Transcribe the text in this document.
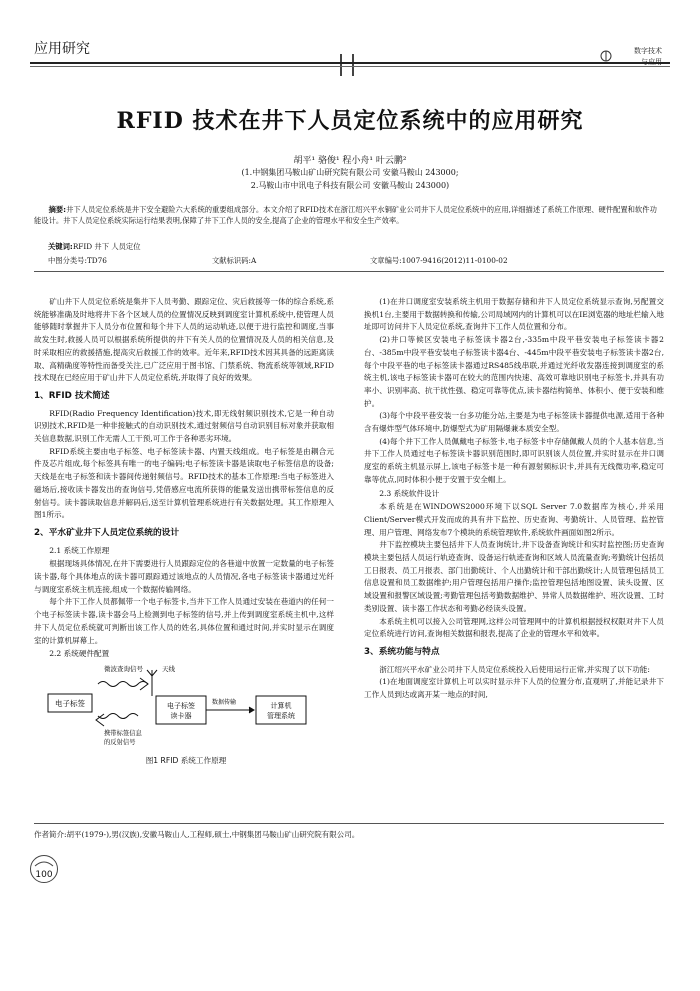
应用研究	数字技术
RFID 技术在井下人员定位系统中的应用研究
胡平¹ 骆俊¹ 程小舟¹ 叶云鹏²
(1.中钢集团马鞍山矿山研究院有限公司 安徽马鞍山 243000;
2.马鞍山市中讯电子科技有限公司 安徽马鞍山 243000)
摘要:井下人员定位系统是井下安全避险六大系统的重要组成部分。本文介绍了RFID技术在浙江绍兴平水铜矿业公司井下人员定位系统中的应用,详细描述了系统工作原理、硬件配置和软件功能设计。井下人员定位系统实际运行结果表明,保障了井下工作人员的安全,提高了企业的管理水平和安全生产效率。
关键词:RFID 井下 人员定位
中图分类号:TD76	文献标识码:A	文章编号:1007-9416(2012)11-0100-02

矿山井下人员定位系统是集井下人员考勤、跟踪定位、灾后救援等一体的综合系统,系统能够准确及时地将井下各个区域人员的位置情况反映到调度室计算机系统中,使管理人员能够随时掌握井下人员分布位置和每个井下人员的运动轨迹,以便于进行监控和调度,当事故发生时,救援人员可以根据系统所提供的井下有关人员的位置情况及人员的相关信息,及时采取相应的救援措施,提高灾后救援工作的效率。近年来,RFID技术因其具备的远距离读取、高精确度等特性而备受关注,已广泛应用于图书馆、门禁系统、物流系统等领域,RFID技术现在已经应用于矿山井下人员定位系统,并取得了良好的效果。

1、RFID 技术简述

RFID(Radio Frequency Identification)技术,即无线射频识别技术,它是一种自动识别技术,RFID是一种非接触式的自动识别技术,通过射频信号自动识别目标对象并获取相关信息数据,识别工作无需人工干预,可工作于各种恶劣环境。

RFID系统主要由电子标签、电子标签读卡器、内置天线组成。电子标签是由耦合元件及芯片组成,每个标签具有唯一的电子编码;电子标签读卡器是读取电子标签信息的设备;天线是在电子标签和读卡器间传递射频信号。RFID技术的基本工作原理:当电子标签进入磁场后,接收读卡器发出的查询信号,凭借感应电流所获得的能量发送出携带标签信息的反射信号。读卡器读取信息并解码后,送至计算机管理系统进行有关数据处理。其工作原理入图1所示。

2、平水矿业井下人员定位系统的设计
2.1 系统工作原理

根据现场具体情况,在井下需要进行人员跟踪定位的各巷道中放置一定数量的电子标签读卡器,每个具体地点的读卡器可跟踪通过该地点的人员情况,各电子标签读卡器通过光纤与调度室系统主机连接,组成一个数据传输网络。

每个井下工作人员都佩带一个电子标签卡,当井下工作人员通过安装在巷道内的任何一个电子标签读卡器,读卡器会马上检测到电子标签的信号,并上传到调度室系统主机中,这样井下人员定位系统就可判断出该工作人员的姓名,具体位置和通过时间,并实时显示在调度室的计算机屏幕上。

2.2 系统硬件配置
电子标签
微波查询信号	天线
电子标签
读卡器
携带标签信息
的反射信号
数据传输	计算机
管理系统
图1 RFID 系统工作原理

(1)在井口调度室安装系统主机用于数据存储和井下人员定位系统显示查询,另配置交换机1台,主要用于数据转换和传输,公司局域网内的计算机可以在IE浏览器的地址栏输入地址即可访问井下人员定位系统,查询井下工作人员位置和分布。

(2)井口等候区安装电子标签读卡器2台,-335m中段平巷安装电子标签读卡器2台、-385m中段平巷安装电子标签读卡器4台、-445m中段平巷安装电子标签读卡器2台,每个中段平巷的电子标签读卡器通过RS485线串联,并通过光纤收发器连接到调度室的系统主机,该电子标签读卡器可在较大的范围内快速、高效可靠地识别电子标签卡,并具有功率小、识别率高、抗干扰性强、稳定可靠等优点,读卡器结构简单、体积小、便于安装和维护。

(3)每个中段平巷安装一台多功能分站,主要是为电子标签读卡器提供电源,适用于各种含有爆炸型气体环境中,防爆型式为矿用隔爆兼本质安全型。

(4)每个井下工作人员佩戴电子标签卡,电子标签卡中存储佩戴人员的个人基本信息,当井下工作人员通过电子标签读卡器识别范围时,即可识别该人员位置,并实时显示在井口调度室的系统主机显示屏上,该电子标签卡是一种有源射频标识卡,并具有无线微功率,稳定可靠等优点,同时体积小便于安置于安全帽上。

2.3 系统软件设计

本系统是在WINDOWS2000环境下以SQL Server 7.0数据库为核心,并采用Client/Server模式开发而成的具有井下监控、历史查询、考勤统计、人员管理、监控管理、用户管理、网络发布7个模块的系统管理软件,系统软件画面如图2所示。

井下监控模块主要包括井下人员查询统计,井下设备查询统计和实时监控图;历史查询模块主要包括人员运行轨迹查询、设备运行轨迹查询和区域人员流量查询;考勤统计包括员工日报表、员工月报表、部门出勤统计、个人出勤统计和干部出勤统计;人员管理包括员工信息设置和员工数据维护;用户管理包括用户操作;监控管理包括地图设置、读头设置、区域设置和报警区域设置;考勤管理包括考勤数据维护、异常人员数据维护、班次设置、工时类别设置、读卡器工作状态和考勤必经读头设置。

本系统主机可以接入公司管理网,这样公司管理网中的计算机根据授权权限对井下人员定位系统进行访问,查询相关数据和报表,提高了企业的管理水平和效率。

3、系统功能与特点

浙江绍兴平水矿业公司井下人员定位系统投入后使用运行正常,并实现了以下功能:

(1)在地面调度室计算机上可以实时显示井下人员的位置分布,直观明了,并能记录井下工作人员到达或离开某一地点的时间,

作者简介:胡平(1979-),男(汉族),安徽马鞍山人,工程师,硕士,中钢集团马鞍山矿山研究院有限公司。
100
